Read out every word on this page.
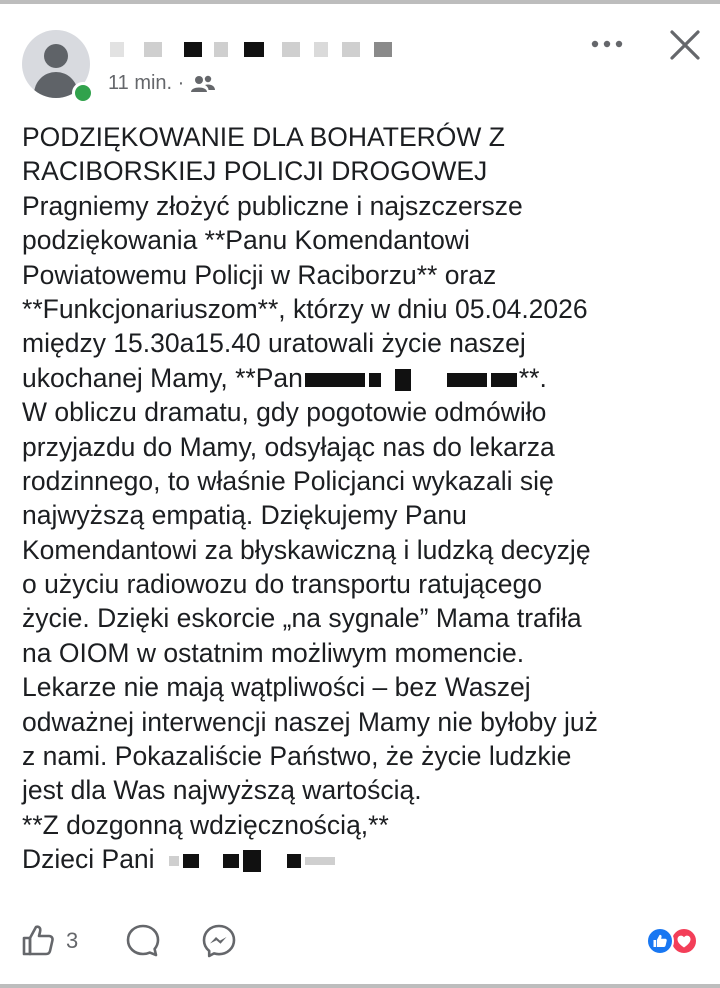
11 min. ·
PODZIĘKOWANIE DLA BOHATERÓW Z
RACIBORSKIEJ POLICJI DROGOWEJ
Pragniemy złożyć publiczne i najszczersze
podziękowania **Panu Komendantowi
Powiatowemu Policji w Raciborzu** oraz
**Funkcjonariuszom**, którzy w dniu 05.04.2026
między 15.30a15.40 uratowali życie naszej
ukochanej Mamy, **Pan	**.
W obliczu dramatu, gdy pogotowie odmówiło
przyjazdu do Mamy, odsyłając nas do lekarza
rodzinnego, to właśnie Policjanci wykazali się
najwyższą empatią. Dziękujemy Panu
Komendantowi za błyskawiczną i ludzką decyzję
o użyciu radiowozu do transportu ratującego
życie. Dzięki eskorcie „na sygnale” Mama trafiła
na OIOM w ostatnim możliwym momencie.
Lekarze nie mają wątpliwości – bez Waszej
odważnej interwencji naszej Mamy nie byłoby już
z nami. Pokazaliście Państwo, że życie ludzkie
jest dla Was najwyższą wartością.
**Z dozgonną wdzięcznością,**
Dzieci Pani
3
